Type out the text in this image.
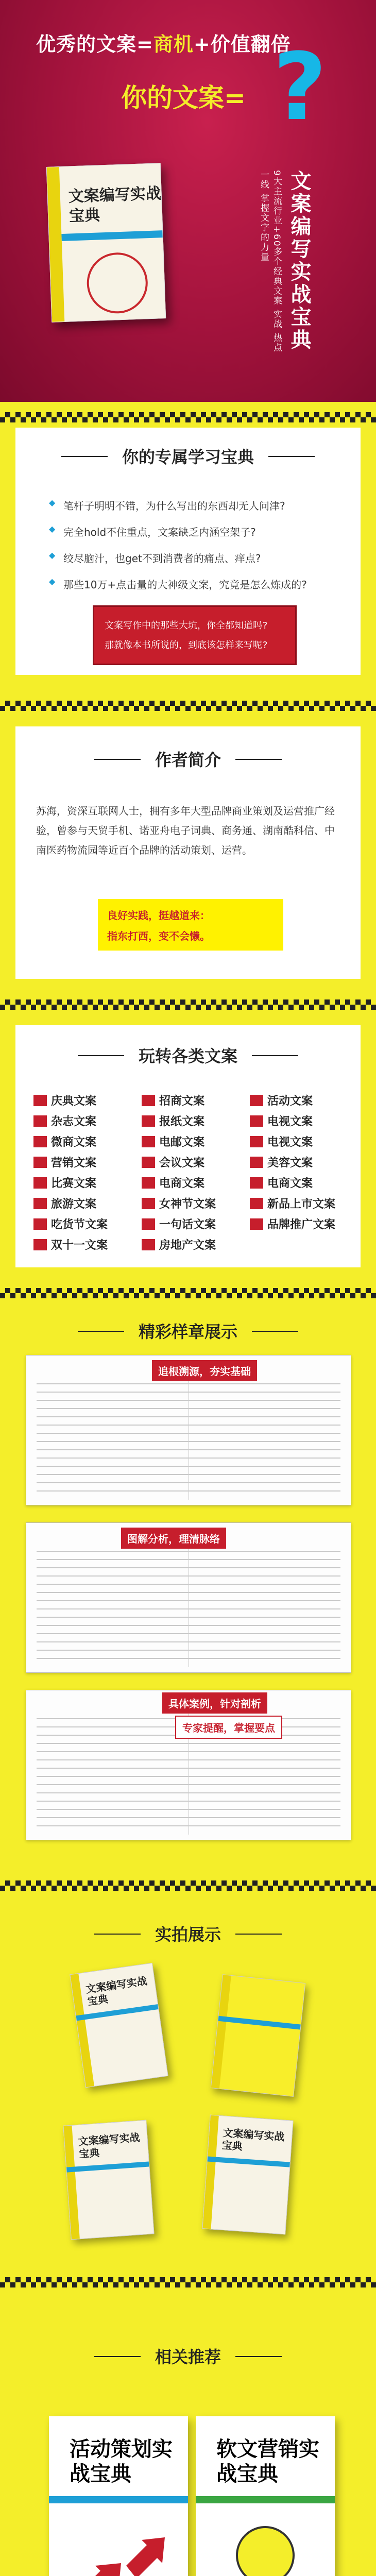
优秀的文案=商机+价值翻倍
你的文案= ?
文案编写实战宝典	文案编写实战宝典
9大主流行业+60多个经典文案 实战 热点一线 掌握文字的力量
你的专属学习宝典
◆ 笔杆子明明不错，为什么写出的东西却无人问津?
◆ 完全hold不住重点，文案缺乏内涵空架子?
◆ 绞尽脑汁，也get不到消费者的痛点、痒点?
◆ 那些10万+点击量的大神级文案，究竟是怎么炼成的?
文案写作中的那些大坑，你全都知道吗?
那就像本书所说的，到底该怎样来写呢?
作者简介
苏海，资深互联网人士，拥有多年大型品牌商业策划及运营推广经验，曾参与天贸手机、诺亚舟电子词典、商务通、湖南酷科信、中南医药物流园等近百个品牌的活动策划、运营。
良好实践，挺越道来：
指东打西，变不会懒。
玩转各类文案
庆典文案	招商文案	活动文案
杂志文案	报纸文案	电视文案
微商文案	电邮文案	电视文案
营销文案	会议文案	美容文案
比赛文案	电商文案	电商文案
旅游文案	女神节文案	新品上市文案
吃货节文案	一句话文案	品牌推广文案
双十一文案	房地产文案
精彩样章展示
追根溯源，夯实基础
图解分析，理清脉络
具体案例，针对剖析
专家提醒，掌握要点
实拍展示
文案编写实战宝典
文案编写实战宝典
文案编写实战宝典
相关推荐
活动策划实战宝典
软文营销实战宝典
